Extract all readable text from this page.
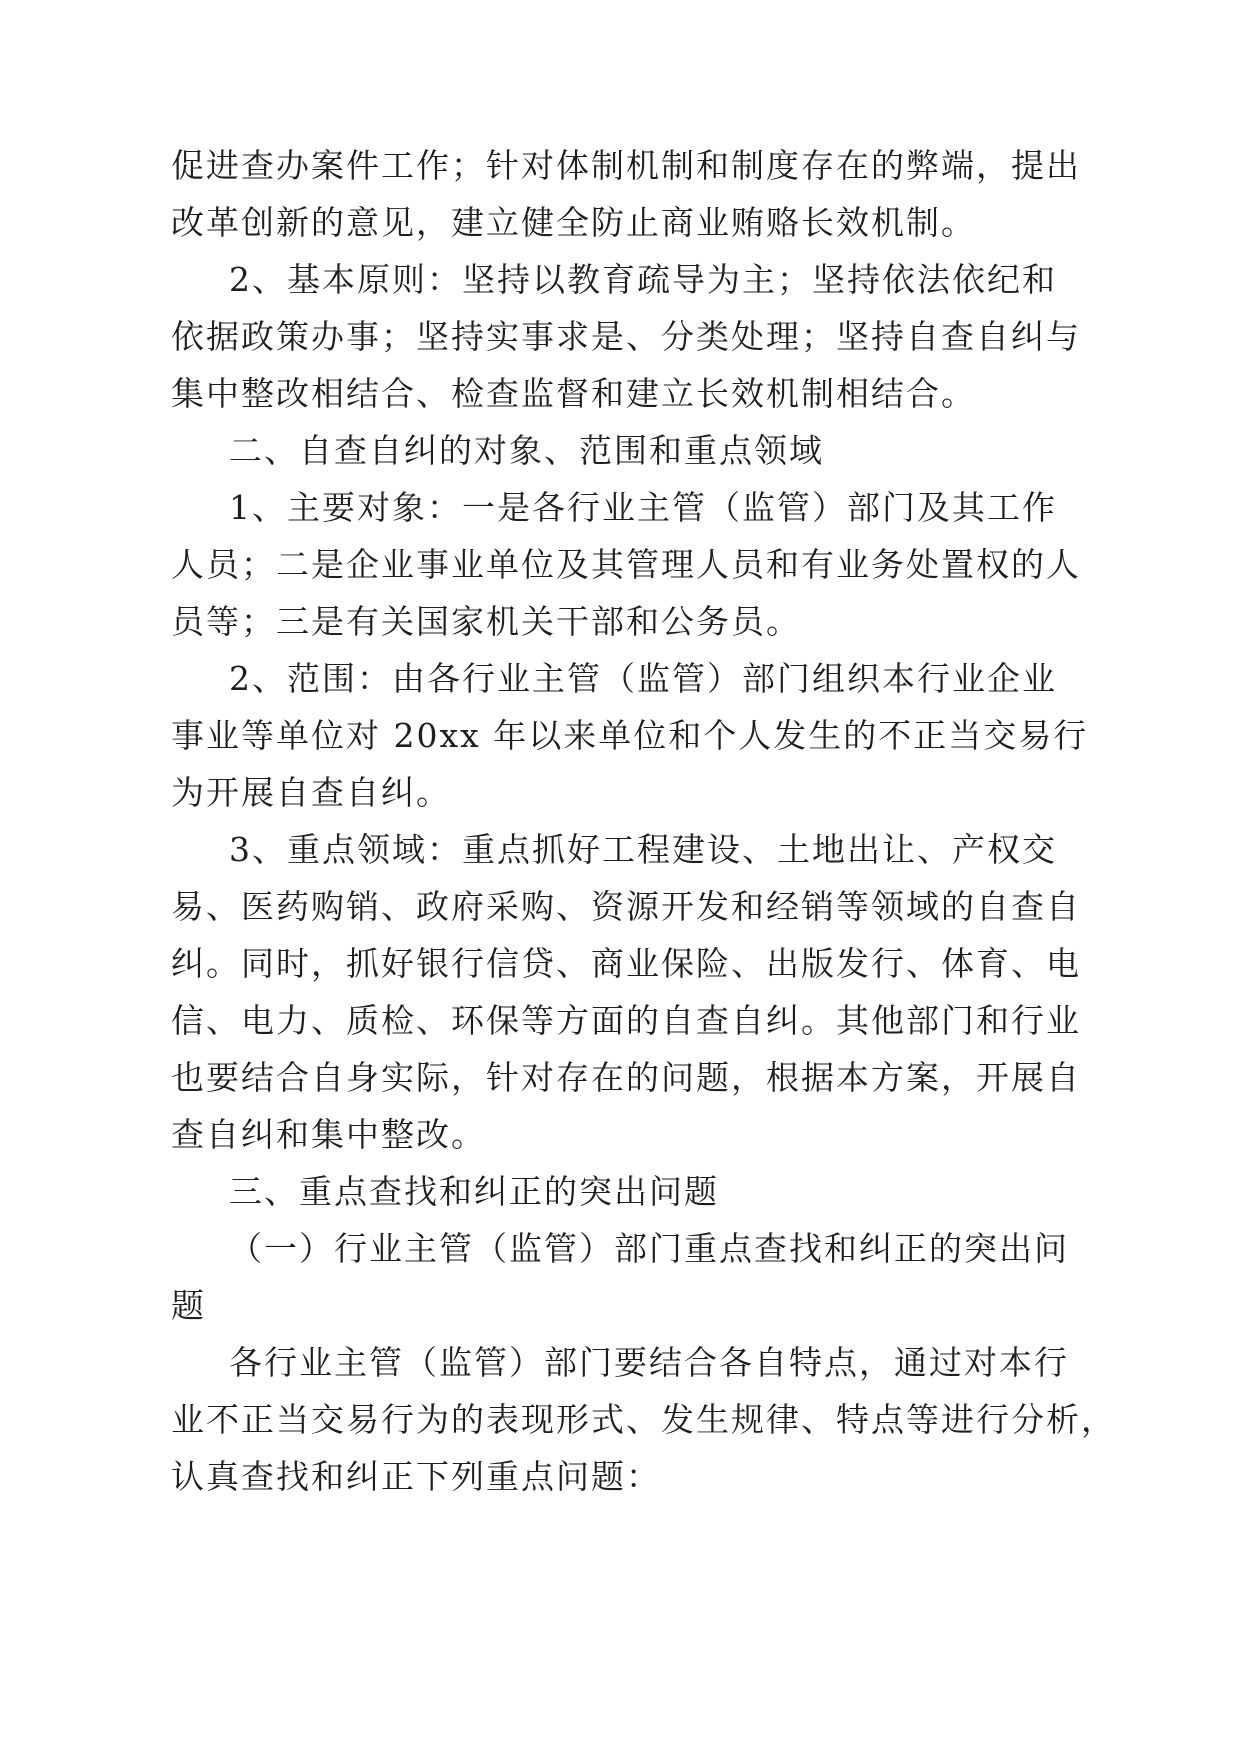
促进查办案件工作；针对体制机制和制度存在的弊端，提出
改革创新的意见，建立健全防止商业贿赂长效机制。
2、基本原则：坚持以教育疏导为主；坚持依法依纪和
依据政策办事；坚持实事求是、分类处理；坚持自查自纠与
集中整改相结合、检查监督和建立长效机制相结合。
二、自查自纠的对象、范围和重点领域
1、主要对象：一是各行业主管（监管）部门及其工作
人员；二是企业事业单位及其管理人员和有业务处置权的人
员等；三是有关国家机关干部和公务员。
2、范围：由各行业主管（监管）部门组织本行业企业
事业等单位对 20xx 年以来单位和个人发生的不正当交易行
为开展自查自纠。
3、重点领域：重点抓好工程建设、土地出让、产权交
易、医药购销、政府采购、资源开发和经销等领域的自查自
纠。同时，抓好银行信贷、商业保险、出版发行、体育、电
信、电力、质检、环保等方面的自查自纠。其他部门和行业
也要结合自身实际，针对存在的问题，根据本方案，开展自
查自纠和集中整改。
三、重点查找和纠正的突出问题
（一）行业主管（监管）部门重点查找和纠正的突出问
题
各行业主管（监管）部门要结合各自特点，通过对本行
业不正当交易行为的表现形式、发生规律、特点等进行分析，
认真查找和纠正下列重点问题：
